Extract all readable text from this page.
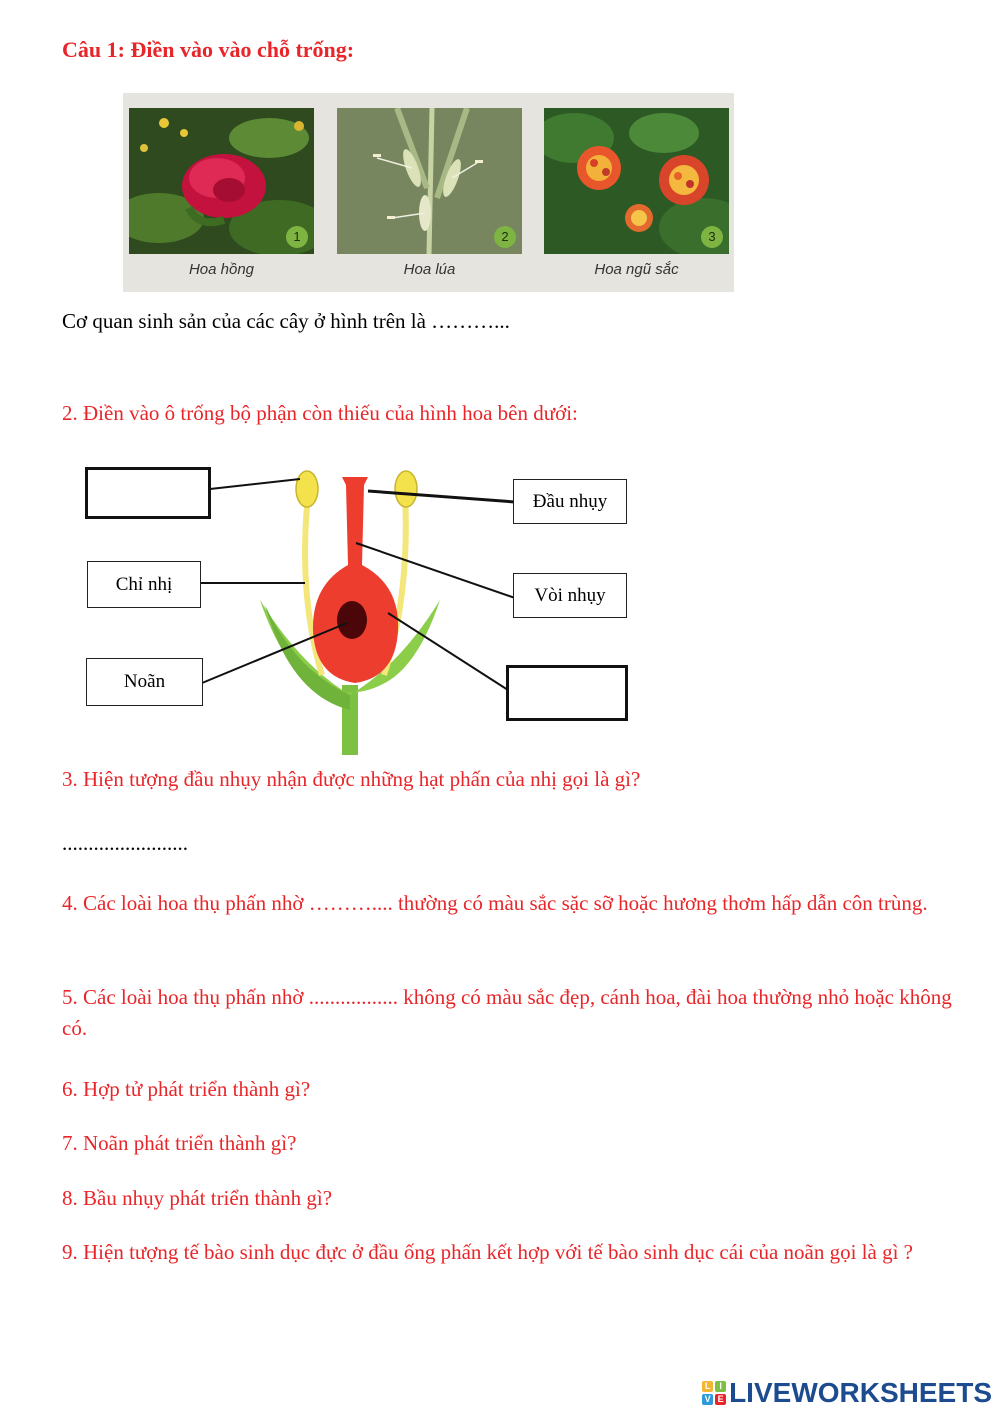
Câu 1: Điền vào vào chỗ trống:
1	2	3
Hoa hồng	Hoa lúa	Hoa ngũ sắc
Cơ quan sinh sản của các cây ở hình trên là ………...
2. Điền vào ô trống bộ phận còn thiếu của hình hoa bên dưới:
Đầu nhụy
Chỉ nhị
Vòi nhụy
Noãn
3. Hiện tượng đầu nhụy nhận được những hạt phấn của nhị gọi là gì?
........................
4. Các loài hoa thụ phấn nhờ ……….... thường có màu sắc sặc sỡ hoặc hương thơm hấp dẫn côn trùng.
5. Các loài hoa thụ phấn nhờ ................. không có màu sắc đẹp, cánh hoa, đài hoa thường nhỏ hoặc không có.
6. Hợp tử phát triển thành gì?
7. Noãn phát triển thành gì?
8. Bầu nhụy phát triển thành gì?
9. Hiện tượng tế bào sinh dục đực ở đầu ống phấn kết hợp với tế bào sinh dục cái của noãn gọi là gì ?
L I
V E LIVEWORKSHEETS
